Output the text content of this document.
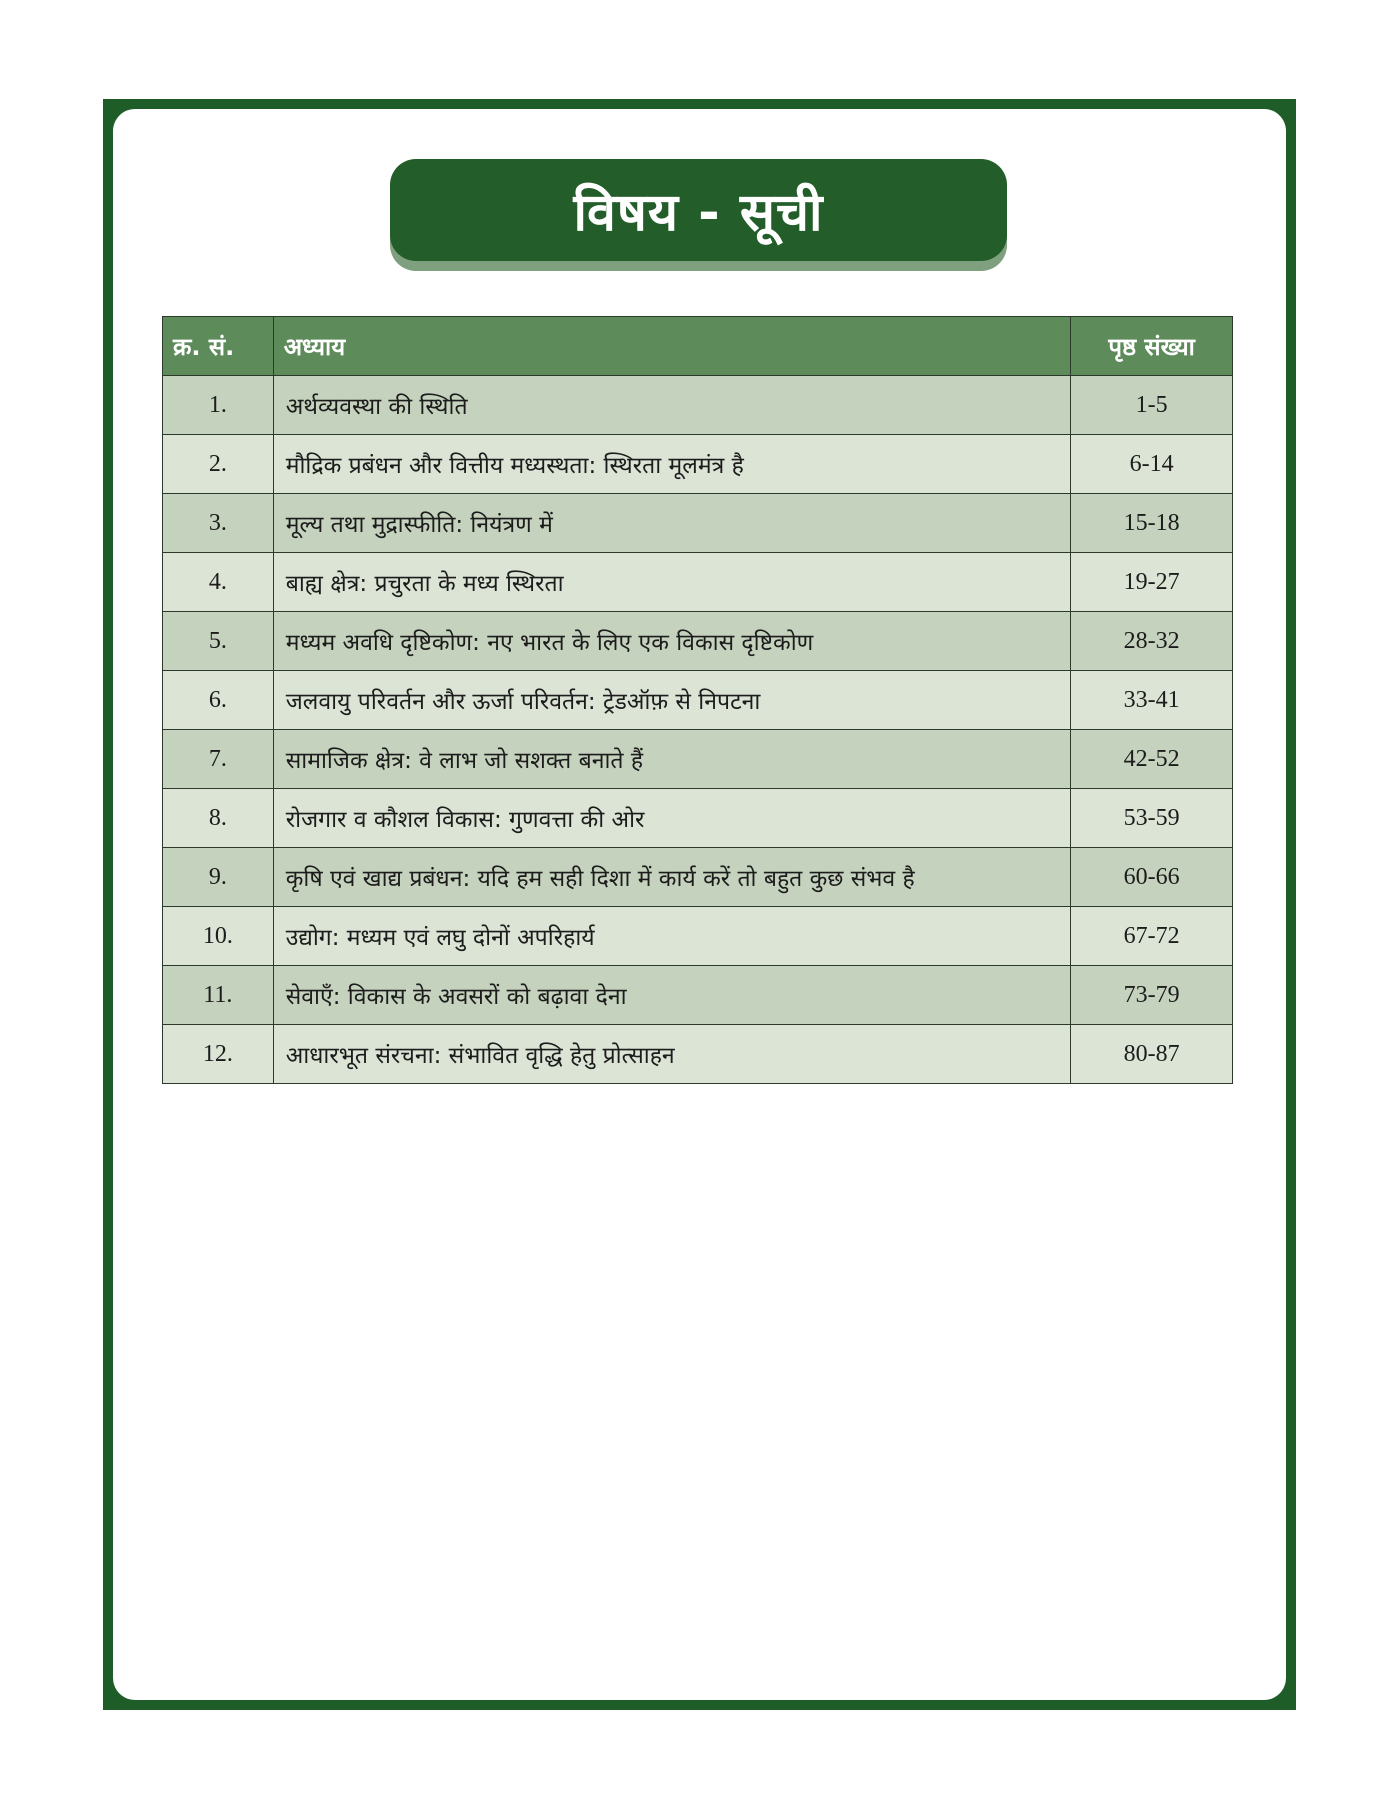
विषय - सूची
क्र. सं.	अध्याय	पृष्ठ संख्या
1.	अर्थव्यवस्था की स्थिति	1-5
2.	मौद्रिक प्रबंधन और वित्तीय मध्यस्थता: स्थिरता मूलमंत्र है	6-14
3.	मूल्य तथा मुद्रास्फीति: नियंत्रण में	15-18
4.	बाह्य क्षेत्र: प्रचुरता के मध्य स्थिरता	19-27
5.	मध्यम अवधि दृष्टिकोण: नए भारत के लिए एक विकास दृष्टिकोण	28-32
6.	जलवायु परिवर्तन और ऊर्जा परिवर्तन: ट्रेडऑफ़ से निपटना	33-41
7.	सामाजिक क्षेत्र: वे लाभ जो सशक्त बनाते हैं	42-52
8.	रोजगार व कौशल विकास: गुणवत्ता की ओर	53-59
9.	कृषि एवं खाद्य प्रबंधन: यदि हम सही दिशा में कार्य करें तो बहुत कुछ संभव है	60-66
10.	उद्योग: मध्यम एवं लघु दोनों अपरिहार्य	67-72
11.	सेवाएँ: विकास के अवसरों को बढ़ावा देना	73-79
12.	आधारभूत संरचना: संभावित वृद्धि हेतु प्रोत्साहन	80-87
